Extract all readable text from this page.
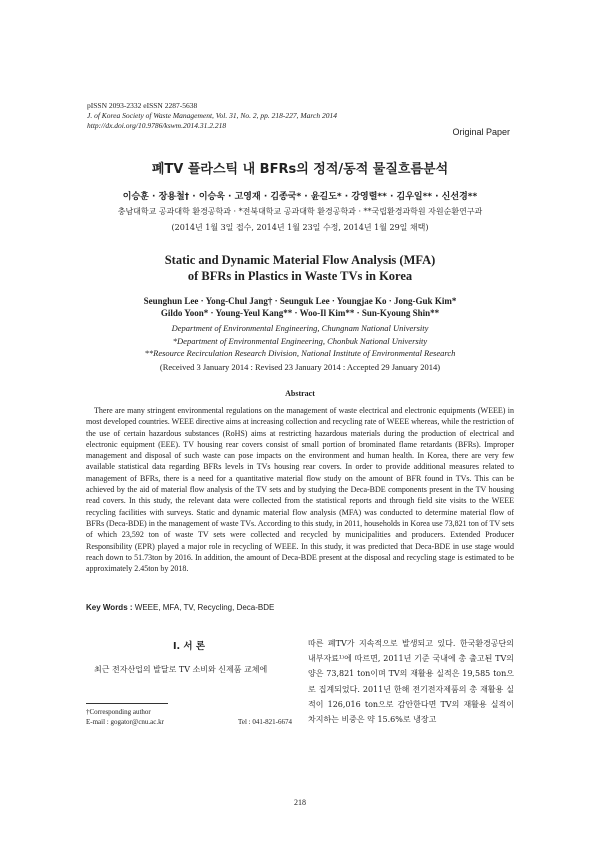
pISSN 2093-2332 eISSN 2287-5638
J. of Korea Society of Waste Management, Vol. 31, No. 2, pp. 218-227, March 2014
http://dx.doi.org/10.9786/kswm.2014.31.2.218
Original Paper
폐TV 플라스틱 내 BFRs의 정적/동적 물질흐름분석
이승훈 · 장용철† · 이승욱 · 고영재 · 김종국* · 윤길도* · 강영렬** · 김우일** · 신선경**
충남대학교 공과대학 환경공학과 · *전북대학교 공과대학 환경공학과 · **국립환경과학원 자원순환연구과
(2014년 1월 3일 접수, 2014년 1월 23일 수정, 2014년 1월 29일 채택)
Static and Dynamic Material Flow Analysis (MFA)
of BFRs in Plastics in Waste TVs in Korea
Seunghun Lee · Yong-Chul Jang† · Seunguk Lee · Youngjae Ko · Jong-Guk Kim*
Gildo Yoon* · Young-Yeul Kang** · Woo-Il Kim** · Sun-Kyoung Shin**
Department of Environmental Engineering, Chungnam National University
*Department of Environmental Engineering, Chonbuk National University
**Resource Recirculation Research Division, National Institute of Environmental Research
(Received 3 January 2014 : Revised 23 January 2014 : Accepted 29 January 2014)
Abstract

There are many stringent environmental regulations on the management of waste electrical and electronic equipments (WEEE) in most developed countries. WEEE directive aims at increasing collection and recycling rate of WEEE whereas, while the restriction of the use of certain hazardous substances (RoHS) aims at restricting hazardous materials during the production of electrical and electronic equipment (EEE). TV housing rear covers consist of small portion of brominated flame retardants (BFRs). Improper management and disposal of such waste can pose impacts on the environment and human health. In Korea, there are very few available statistical data regarding BFRs levels in TVs housing rear covers. In order to provide additional measures related to management of BFRs, there is a need for a quantitative material flow study on the amount of BFR found in TVs. This can be achieved by the aid of material flow analysis of the TV sets and by studying the Deca-BDE components present in the TV housing read covers. In this study, the relevant data were collected from the statistical reports and through field site visits to the WEEE recycling facilities with surveys. Static and dynamic material flow analysis (MFA) was conducted to determine material flow of BFRs (Deca-BDE) in the management of waste TVs. According to this study, in 2011, households in Korea use 73,821 ton of TV sets of which 23,592 ton of waste TV sets were collected and recycled by municipalities and producers. Extended Producer Responsibility (EPR) played a major role in recycling of WEEE. In this study, it was predicted that Deca-BDE in use stage would reach down to 51.73ton by 2016. In addition, the amount of Deca-BDE present at the disposal and recycling stage is estimated to be approximately 2.45ton by 2018.

Key Words : WEEE, MFA, TV, Recycling, Deca-BDE
I. 서 론
최근 전자산업의 발달로 TV 소비와 신제품 교체에

따른 폐TV가 지속적으로 발생되고 있다. 한국환경공단의 내부자료¹⁾에 따르면, 2011년 기준 국내에 총 출고된 TV의 양은 73,821 ton이며 TV의 재활용 실적은 19,585 ton으로 집계되었다. 2011년 한해 전기전자제품의 총 재활용 실적이 126,016 ton으로 감안한다면 TV의 재활용 실적이 차지하는 비중은 약 15.6%로 냉장고

†Corresponding author
E-mail : gogator@cnu.ac.kr	Tel : 041-821-6674
218
